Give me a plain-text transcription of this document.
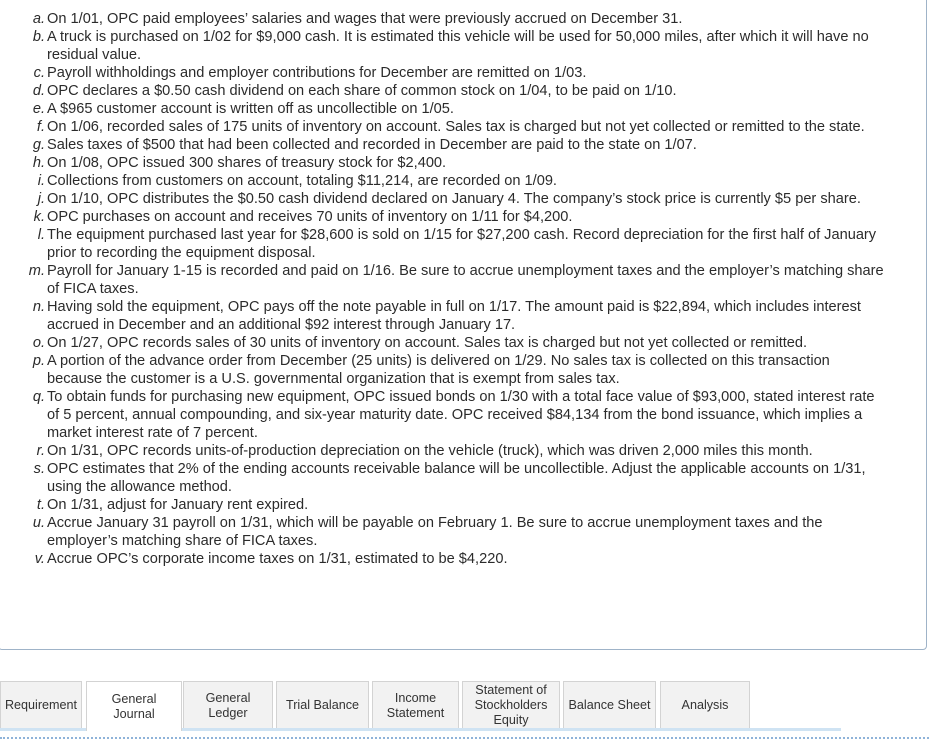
a. On 1/01, OPC paid employees’ salaries and wages that were previously accrued on December 31.
b. A truck is purchased on 1/02 for $9,000 cash. It is estimated this vehicle will be used for 50,000 miles, after which it will have no residual value.
c. Payroll withholdings and employer contributions for December are remitted on 1/03.
d. OPC declares a $0.50 cash dividend on each share of common stock on 1/04, to be paid on 1/10.
e. A $965 customer account is written off as uncollectible on 1/05.
f. On 1/06, recorded sales of 175 units of inventory on account. Sales tax is charged but not yet collected or remitted to the state.
g. Sales taxes of $500 that had been collected and recorded in December are paid to the state on 1/07.
h. On 1/08, OPC issued 300 shares of treasury stock for $2,400.
i. Collections from customers on account, totaling $11,214, are recorded on 1/09.
j. On 1/10, OPC distributes the $0.50 cash dividend declared on January 4. The company’s stock price is currently $5 per share.
k. OPC purchases on account and receives 70 units of inventory on 1/11 for $4,200.
l. The equipment purchased last year for $28,600 is sold on 1/15 for $27,200 cash. Record depreciation for the first half of January prior to recording the equipment disposal.
m. Payroll for January 1-15 is recorded and paid on 1/16. Be sure to accrue unemployment taxes and the employer’s matching share of FICA taxes.
n. Having sold the equipment, OPC pays off the note payable in full on 1/17. The amount paid is $22,894, which includes interest accrued in December and an additional $92 interest through January 17.
o. On 1/27, OPC records sales of 30 units of inventory on account. Sales tax is charged but not yet collected or remitted.
p. A portion of the advance order from December (25 units) is delivered on 1/29. No sales tax is collected on this transaction because the customer is a U.S. governmental organization that is exempt from sales tax.
q. To obtain funds for purchasing new equipment, OPC issued bonds on 1/30 with a total face value of $93,000, stated interest rate of 5 percent, annual compounding, and six-year maturity date. OPC received $84,134 from the bond issuance, which implies a market interest rate of 7 percent.
r. On 1/31, OPC records units-of-production depreciation on the vehicle (truck), which was driven 2,000 miles this month.
s. OPC estimates that 2% of the ending accounts receivable balance will be uncollectible. Adjust the applicable accounts on 1/31, using the allowance method.
t. On 1/31, adjust for January rent expired.
u. Accrue January 31 payroll on 1/31, which will be payable on February 1. Be sure to accrue unemployment taxes and the employer’s matching share of FICA taxes.
v. Accrue OPC’s corporate income taxes on 1/31, estimated to be $4,220.
Requirement	General
Journal
General
Ledger
Trial Balance
Income
Statement
Statement of
Stockholders
Equity
Balance Sheet Analysis
